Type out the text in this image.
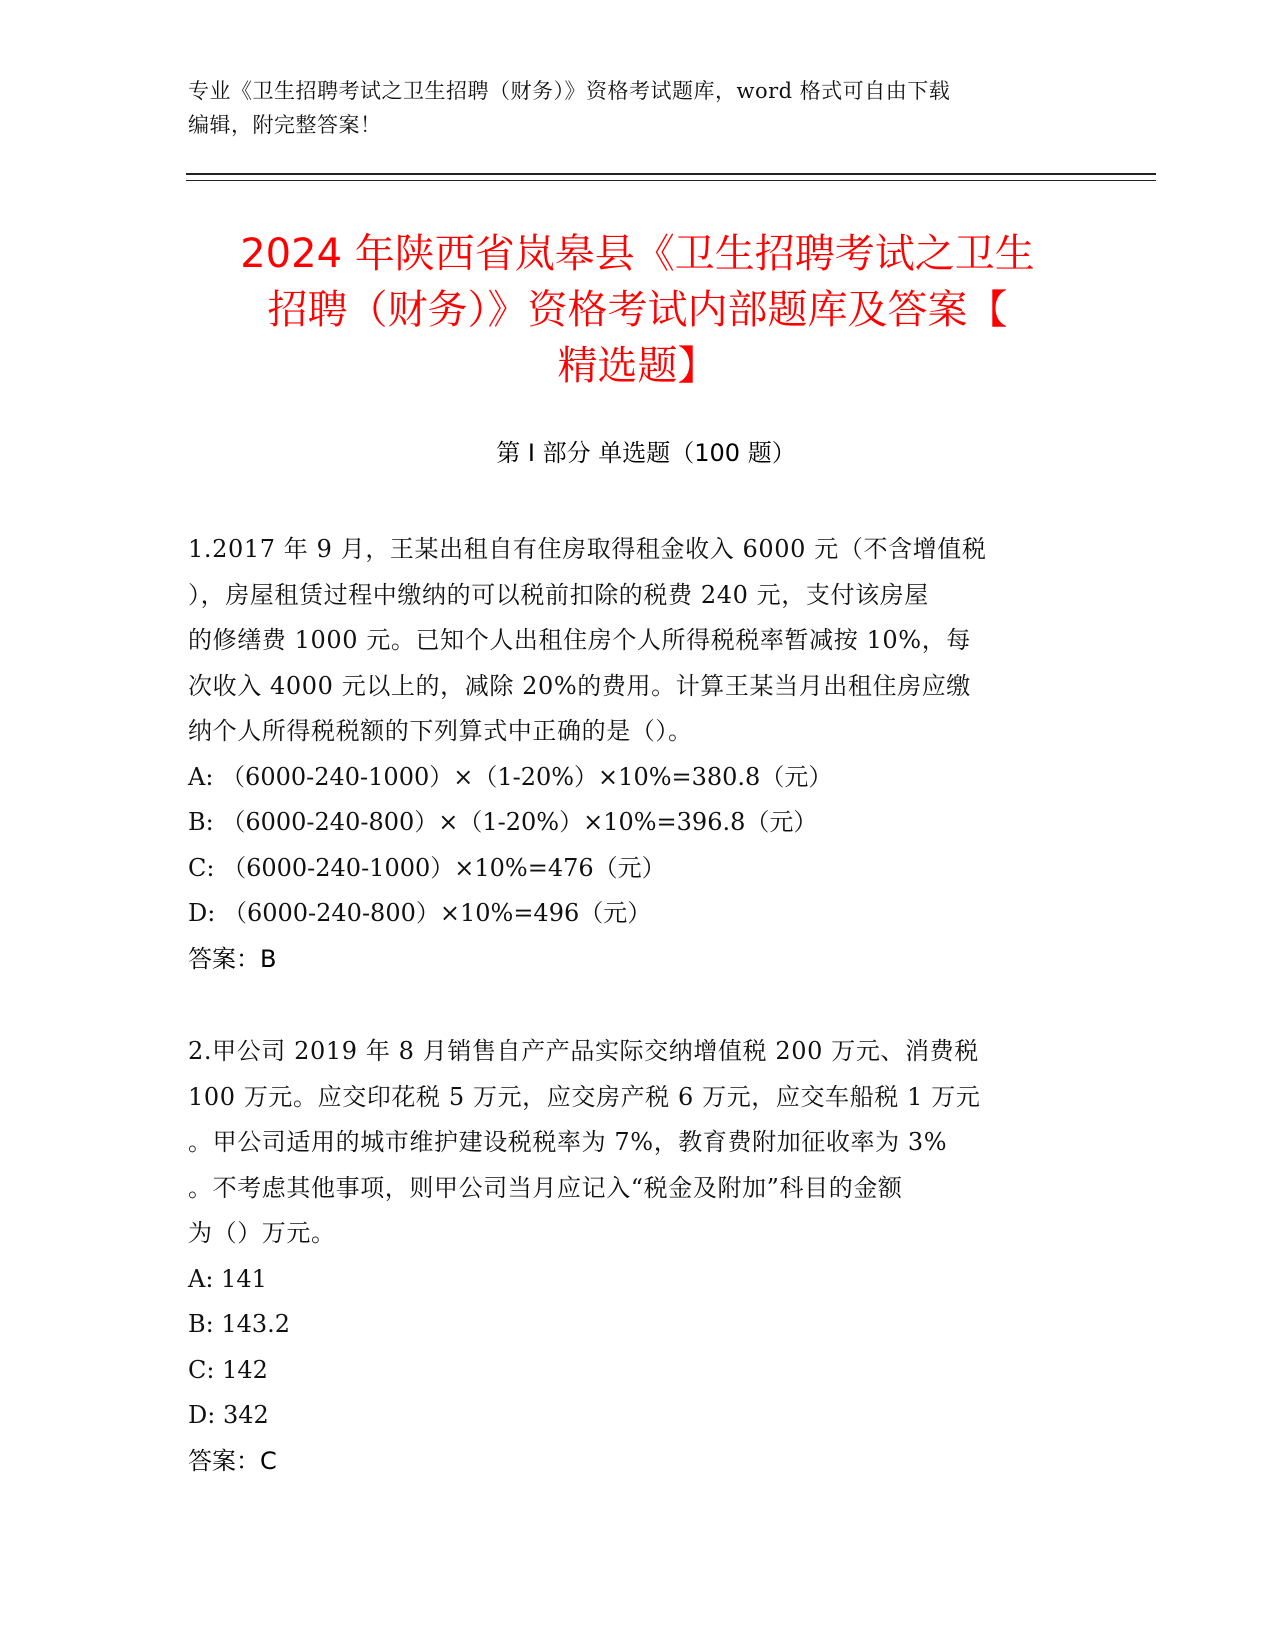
专业《卫生招聘考试之卫生招聘（财务）》资格考试题库，word 格式可自由下载
编辑，附完整答案！
2024 年陕西省岚皋县《卫生招聘考试之卫生
招聘（财务）》资格考试内部题库及答案【
精选题】
第 I 部分 单选题（100 题）
1.2017 年 9 月，王某出租自有住房取得租金收入 6000 元（不含增值税
），房屋租赁过程中缴纳的可以税前扣除的税费 240 元，支付该房屋
的修缮费 1000 元。已知个人出租住房个人所得税税率暂减按 10%，每
次收入 4000 元以上的，减除 20%的费用。计算王某当月出租住房应缴
纳个人所得税税额的下列算式中正确的是（）。
A: （6000-240-1000）×（1-20%）×10%=380.8（元）
B: （6000-240-800）×（1-20%）×10%=396.8（元）
C: （6000-240-1000）×10%=476（元）
D: （6000-240-800）×10%=496（元）
答案：B
2.甲公司 2019 年 8 月销售自产产品实际交纳增值税 200 万元、消费税
100 万元。应交印花税 5 万元，应交房产税 6 万元，应交车船税 1 万元
。甲公司适用的城市维护建设税税率为 7%，教育费附加征收率为 3%
。不考虑其他事项，则甲公司当月应记入“税金及附加”科目的金额
为（）万元。
A: 141
B: 143.2
C: 142
D: 342
答案：C
